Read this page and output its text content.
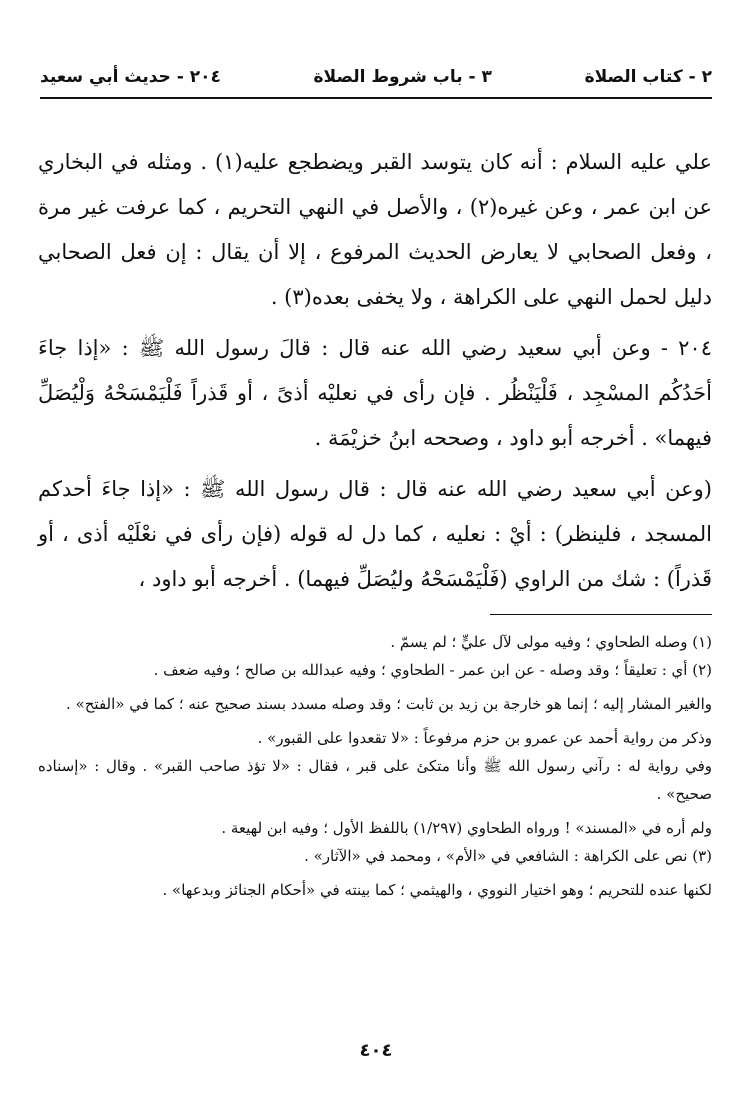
٢ - كتاب الصلاة
٣ - باب شروط الصلاة
٢٠٤ - حديث أبي سعيد

علي عليه السلام : أنه كان يتوسد القبر ويضطجع عليه(١) . ومثله في البخاري عن ابن عمر ، وعن غيره(٢) ، والأصل في النهي التحريم ، كما عرفت غير مرة ، وفعل الصحابي لا يعارض الحديث المرفوع ، إلا أن يقال : إن فعل الصحابي دليل لحمل النهي على الكراهة ، ولا يخفى بعده(٣) .

٢٠٤ - وعن أبي سعيد رضي الله عنه قال : قالَ رسول الله ﷺ : «إذا جاءَ أحَدُكُم المسْجِد ، فَلْيَنْظُر . فإن رأى في نعليْه أذىً ، أو قَذراً فَلْيَمْسَحْهُ وَلْيُصَلِّ فيهما» . أخرجه أبو داود ، وصححه ابنُ خزيْمَة .

(وعن أبي سعيد رضي الله عنه قال : قال رسول الله ﷺ : «إذا جاءَ أحدكم المسجد ، فلينظر) : أيْ : نعليه ، كما دل له قوله (فإن رأى في نعْلَيْه أذى ، أو قَذراً) : شك من الراوي (فَلْيَمْسَحْهُ وليُصَلِّ فيهما) . أخرجه أبو داود ،

(١) وصله الطحاوي ؛ وفيه مولى لآل عليٍّ ؛ لم يسمّ .

(٢) أي : تعليقاً ؛ وقد وصله - عن ابن عمر - الطحاوي ؛ وفيه عبدالله بن صالح ؛ وفيه ضعف .

والغير المشار إليه ؛ إنما هو خارجة بن زيد بن ثابت ؛ وقد وصله مسدد بسند صحيح عنه ؛ كما في «الفتح» .

وذكر من رواية أحمد عن عمرو بن حزم مرفوعاً : «لا تقعدوا على القبور» .

وفي رواية له : رآني رسول الله ﷺ وأنا متكئ على قبر ، فقال : «لا تؤذ صاحب القبر» . وقال : «إسناده صحيح» .

ولم أره في «المسند» ! ورواه الطحاوي (١/٢٩٧) باللفظ الأول ؛ وفيه ابن لهيعة .

(٣) نص على الكراهة : الشافعي في «الأم» ، ومحمد في «الآثار» .

لكنها عنده للتحريم ؛ وهو اختيار النووي ، والهيثمي ؛ كما بينته في «أحكام الجنائز وبدعها» .

٤٠٤
